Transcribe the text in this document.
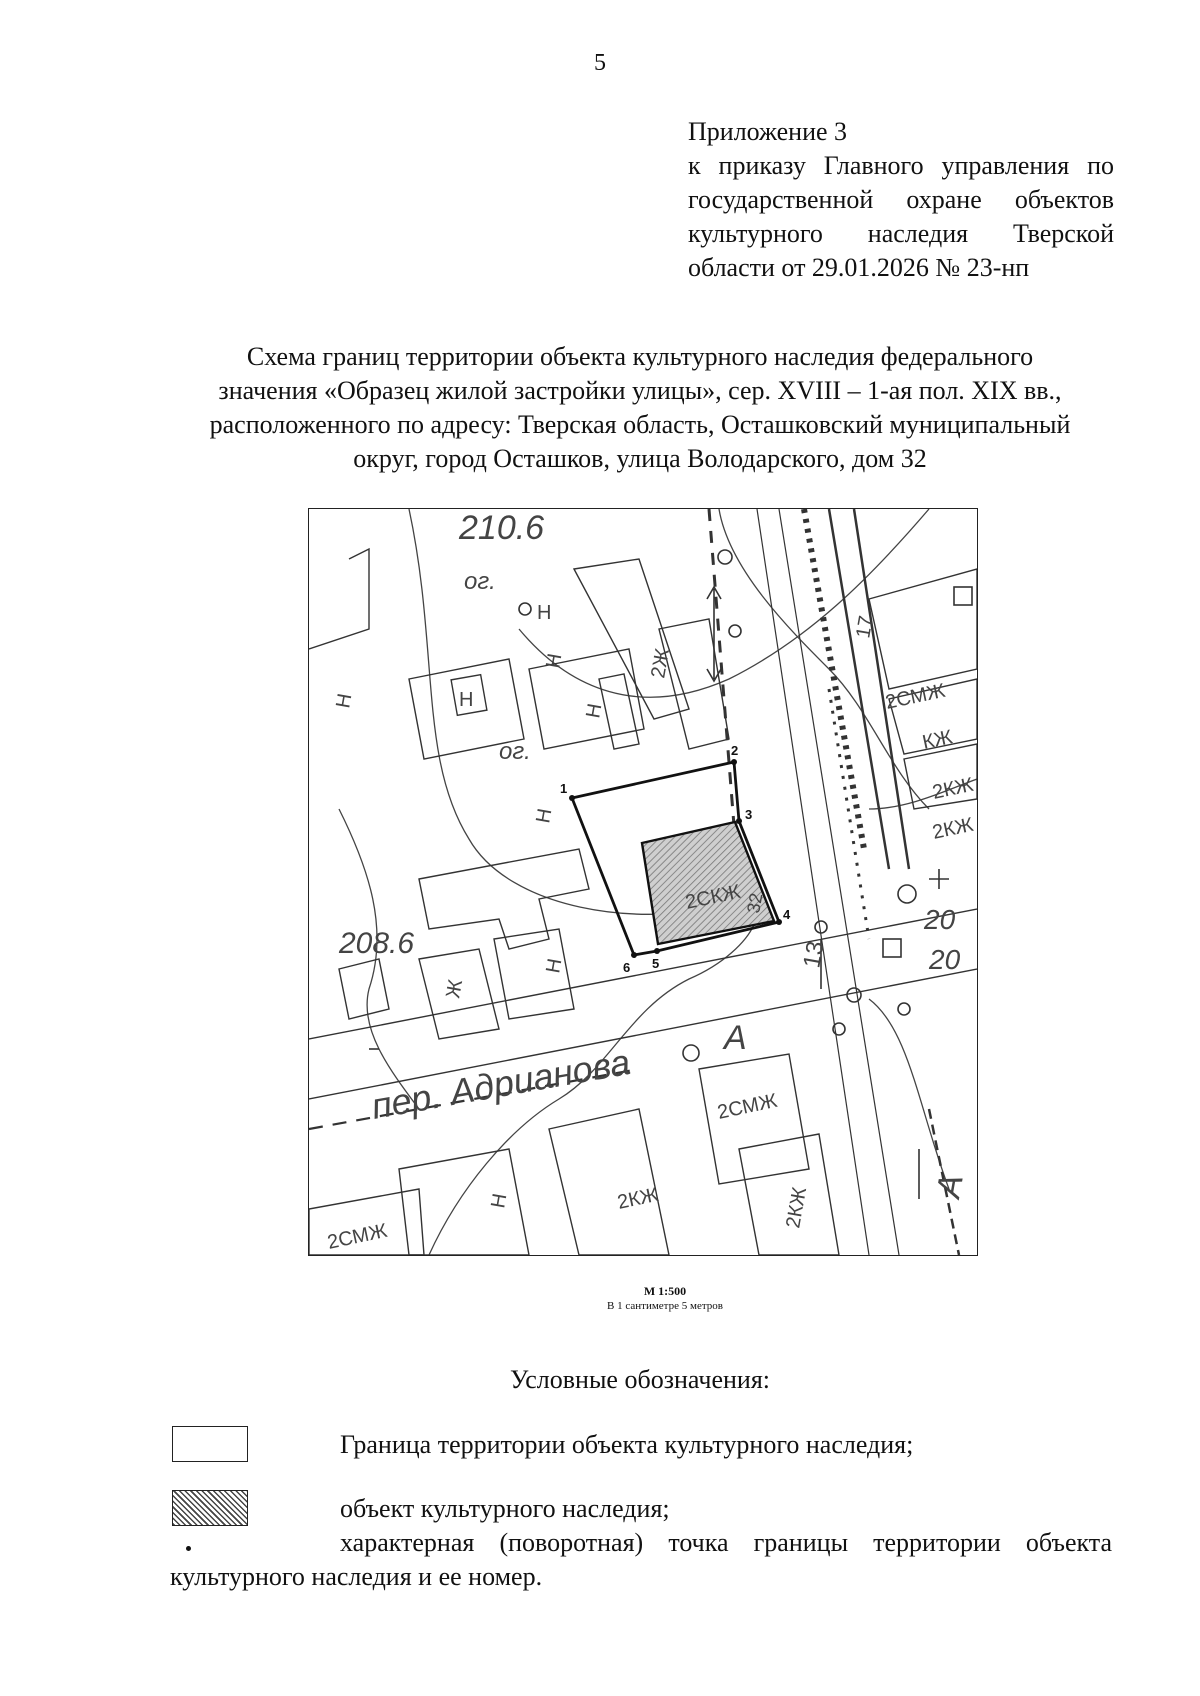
5
Приложение 3
к приказу Главного управления по
государственной охране объектов
культурного наследия Тверской
области от 29.01.2026 № 23-нп
Схема границ территории объекта культурного наследия федерального
значения «Образец жилой застройки улицы», сер. XVIII – 1-ая пол. XIX вв.,
расположенного по адресу: Тверская область, Осташковский муниципальный
округ, город Осташков, улица Володарского, дом 32
1
2
3
4
5
6
210.6
208.6
20
20
ог.
ог.
пер. Адрианова
Н
Н
Н	Н
Н
Н
Н
Н
2Ж
Ж
2СКЖ
2СМЖ
2СМЖ
2СМЖ
КЖ
2КЖ
2КЖ
2КЖ	2КЖ
А
А
17
13
32
М 1:500
В 1 сантиметре 5 метров
Условные обозначения:
Граница территории объекта культурного наследия;
объект культурного наследия;
характерная (поворотная) точка границы территории объекта культурного наследия и ее номер.
